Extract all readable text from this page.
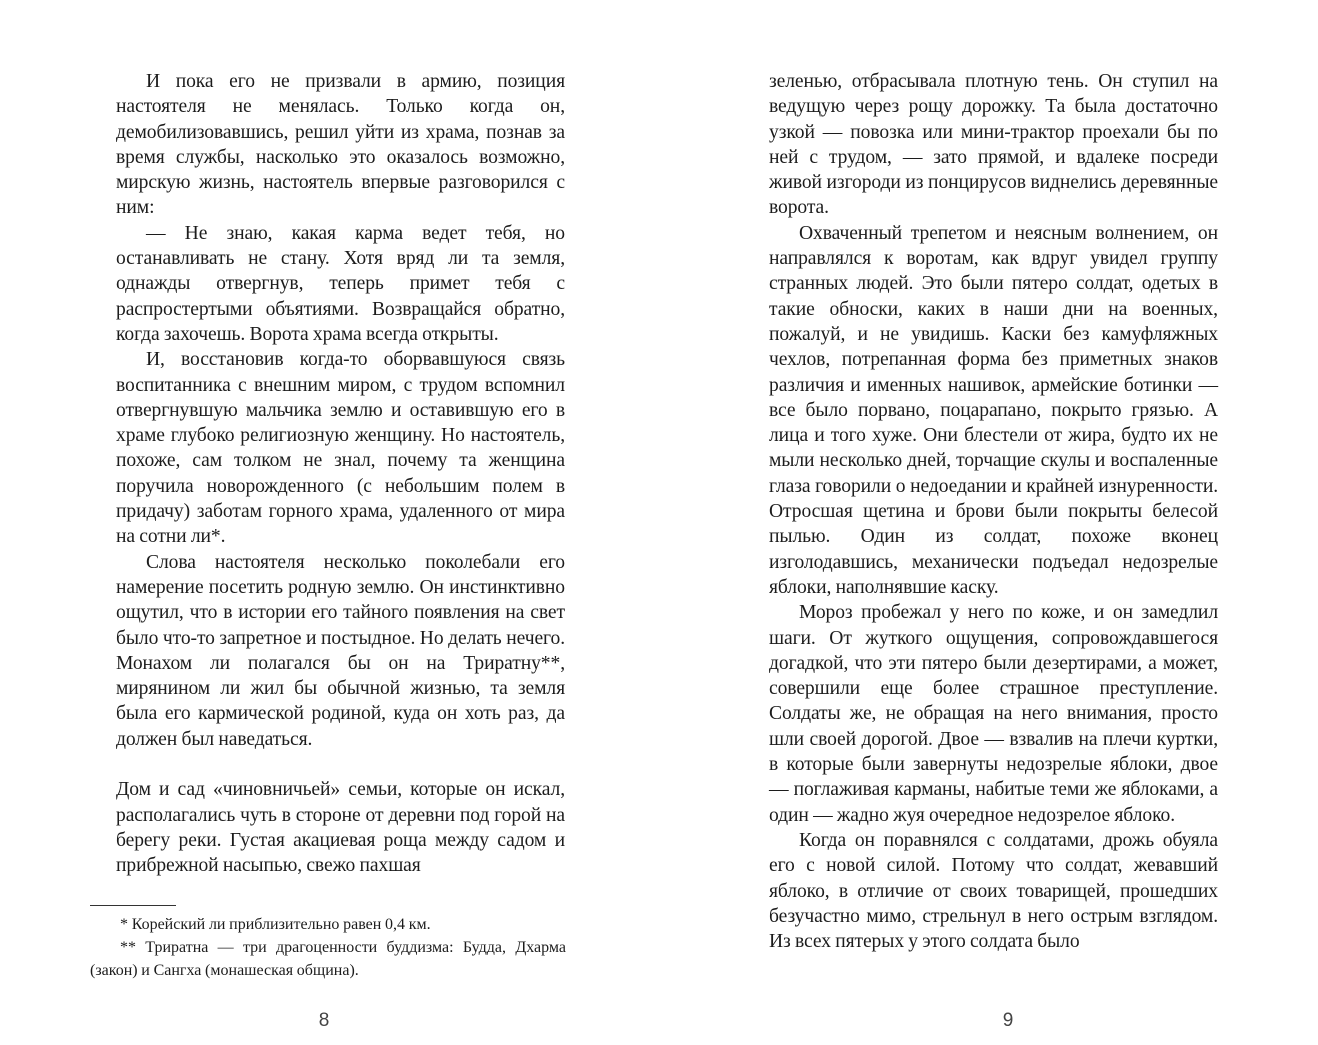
И пока его не призвали в армию, позиция настоятеля не менялась. Только когда он, демобилизовавшись, решил уйти из храма, познав за время службы, насколько это оказалось возможно, мирскую жизнь, настоятель впервые разговорился с ним:

— Не знаю, какая карма ведет тебя, но останавливать не стану. Хотя вряд ли та земля, однажды отвергнув, теперь примет тебя с распростертыми объятиями. Возвращайся обратно, когда захочешь. Ворота храма всегда открыты.

И, восстановив когда-то оборвавшуюся связь воспитанника с внешним миром, с трудом вспомнил отвергнувшую мальчика землю и оставившую его в храме глубоко религиозную женщину. Но настоятель, похоже, сам толком не знал, почему та женщина поручила новорожденного (с небольшим полем в придачу) заботам горного храма, удаленного от мира на сотни ли*.

Слова настоятеля несколько поколебали его намерение посетить родную землю. Он инстинктивно ощутил, что в истории его тайного появления на свет было что-то запретное и постыдное. Но делать нечего. Монахом ли полагался бы он на Триратну**, мирянином ли жил бы обычной жизнью, та земля была его кармической родиной, куда он хоть раз, да должен был наведаться.

Дом и сад «чиновничьей» семьи, которые он искал, располагались чуть в стороне от деревни под горой на берегу реки. Густая акациевая роща между садом и прибрежной насыпью, свежо пахшая

* Корейский ли приблизительно равен 0,4 км.

** Триратна — три драгоценности буддизма: Будда, Дхарма (закон) и Сангха (монашеская община).

8

зеленью, отбрасывала плотную тень. Он ступил на ведущую через рощу дорожку. Та была достаточно узкой — повозка или мини-трактор проехали бы по ней с трудом, — зато прямой, и вдалеке посреди живой изгороди из понцирусов виднелись деревянные ворота.

Охваченный трепетом и неясным волнением, он направлялся к воротам, как вдруг увидел группу странных людей. Это были пятеро солдат, одетых в такие обноски, каких в наши дни на военных, пожалуй, и не увидишь. Каски без камуфляжных чехлов, потрепанная форма без приметных знаков различия и именных нашивок, армейские ботинки — все было порвано, поцарапано, покрыто грязью. А лица и того хуже. Они блестели от жира, будто их не мыли несколько дней, торчащие скулы и воспаленные глаза говорили о недоедании и крайней изнуренности. Отросшая щетина и брови были покрыты белесой пылью. Один из солдат, похоже вконец изголодавшись, механически подъедал недозрелые яблоки, наполнявшие каску.

Мороз пробежал у него по коже, и он замедлил шаги. От жуткого ощущения, сопровождавшегося догадкой, что эти пятеро были дезертирами, а может, совершили еще более страшное преступление. Солдаты же, не обращая на него внимания, просто шли своей дорогой. Двое — взвалив на плечи куртки, в которые были завернуты недозрелые яблоки, двое — поглаживая карманы, набитые теми же яблоками, а один — жадно жуя очередное недозрелое яблоко.

Когда он поравнялся с солдатами, дрожь обуяла его с новой силой. Потому что солдат, жевавший яблоко, в отличие от своих товарищей, прошедших безучастно мимо, стрельнул в него острым взглядом. Из всех пятерых у этого солдата было

9
